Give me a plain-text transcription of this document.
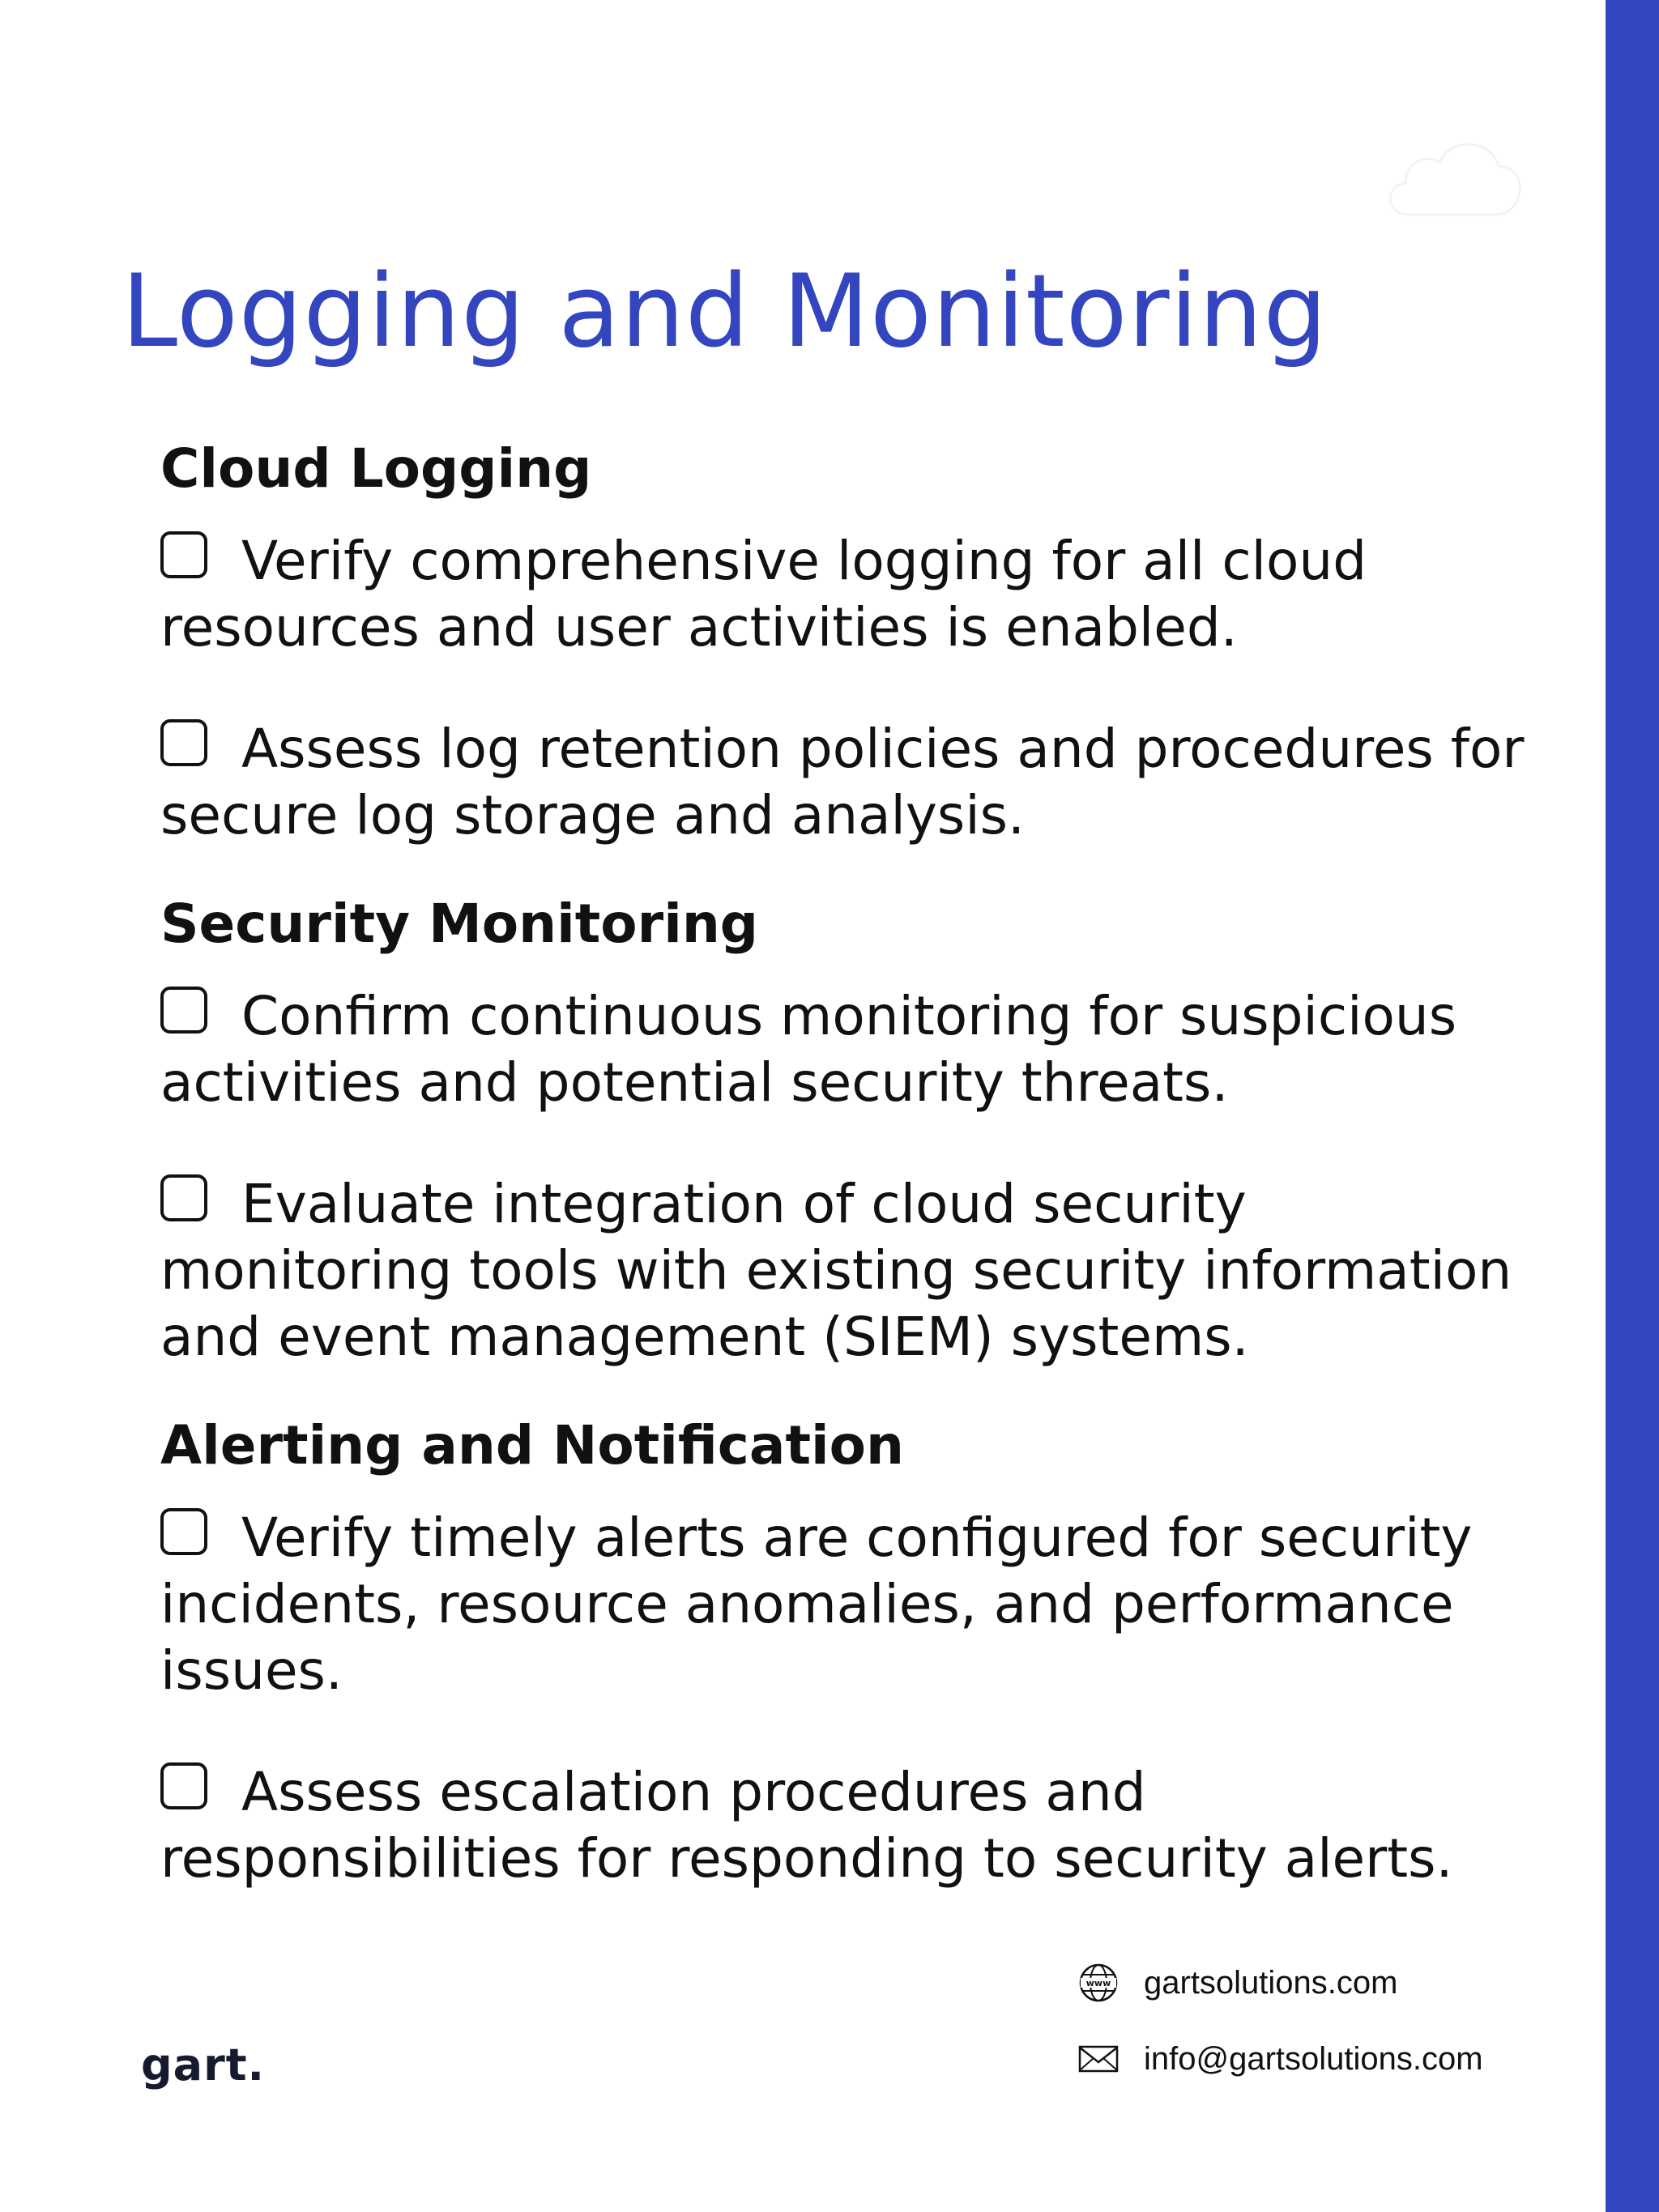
Logging and Monitoring
Cloud Logging
Verify comprehensive logging for all cloud resources and user activities is enabled.
Assess log retention policies and procedures for secure log storage and analysis.
Security Monitoring
Confirm continuous monitoring for suspicious activities and potential security threats.
Evaluate integration of cloud security monitoring tools with existing security information and event management (SIEM) systems.
Alerting and Notification
Verify timely alerts are configured for security incidents, resource anomalies, and performance issues.
Assess escalation procedures and responsibilities for responding to security alerts.
www gartsolutions.com
info@gartsolutions.com
gart.
